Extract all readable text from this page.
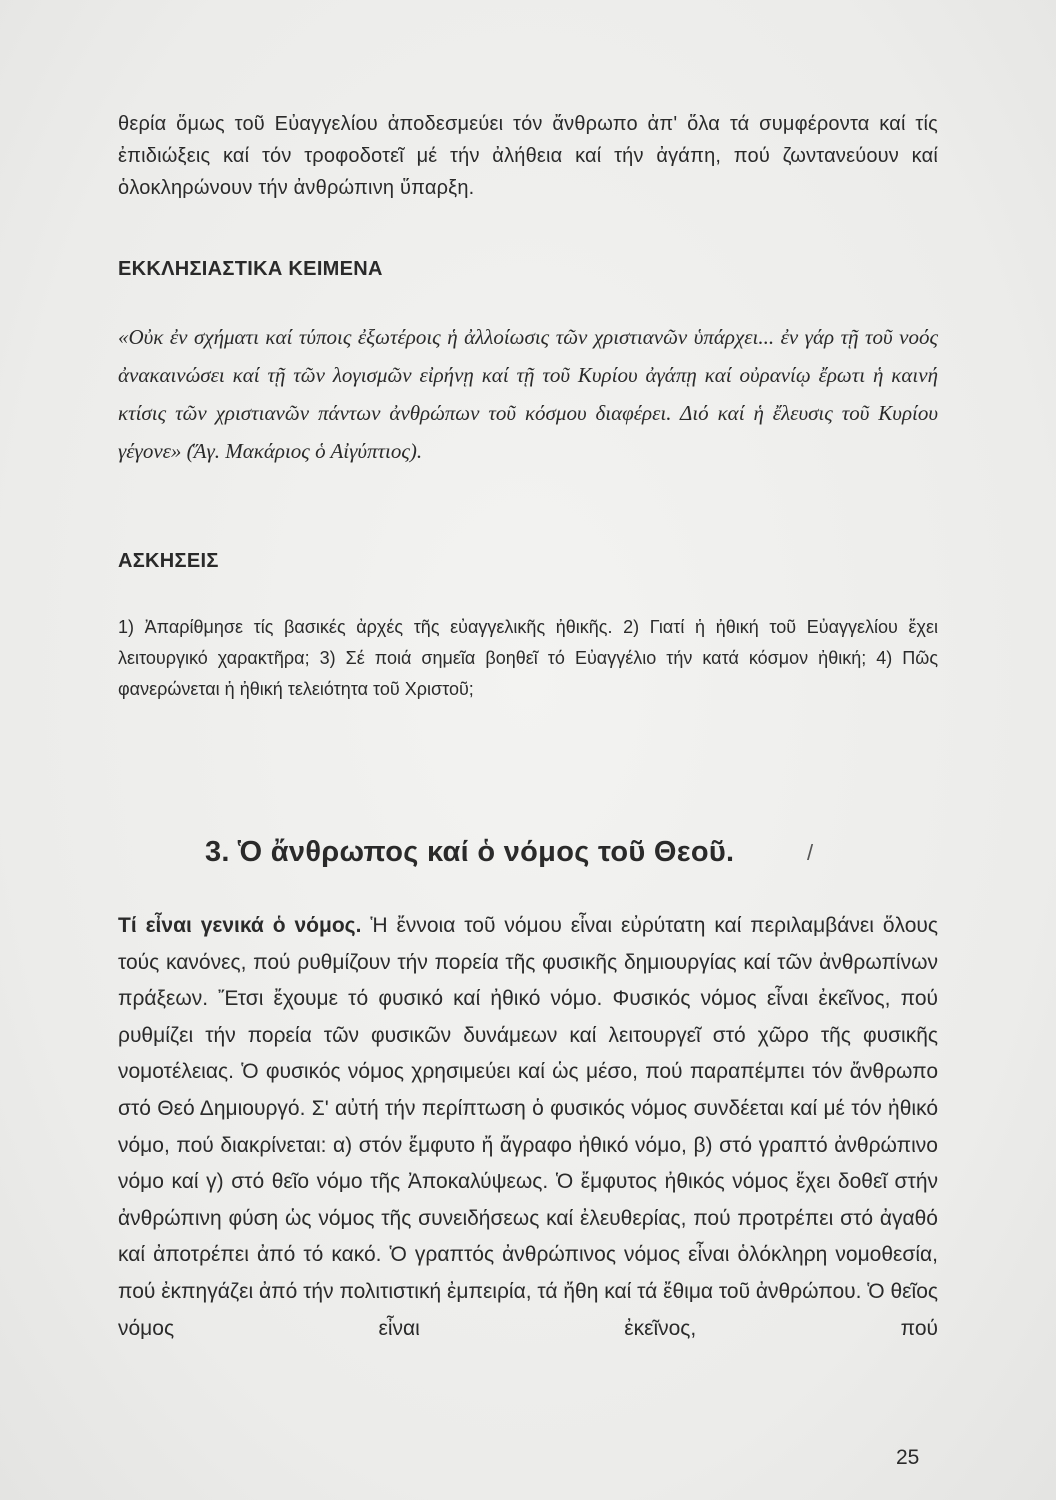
θερία ὅμως τοῦ Εὐαγγελίου ἀποδεσμεύει τόν ἄνθρωπο ἀπ' ὅλα τά συμφέροντα καί τίς ἐπιδιώξεις καί τόν τροφοδοτεῖ μέ τήν ἀλήθεια καί τήν ἀγάπη, πού ζωντανεύουν καί ὁλοκληρώνουν τήν ἀνθρώπινη ὕπαρξη.

ΕΚΚΛΗΣΙΑΣΤΙΚΑ ΚΕΙΜΕΝΑ

«Οὐκ ἐν σχήματι καί τύποις ἐξωτέροις ἡ ἀλλοίωσις τῶν χριστιανῶν ὑπάρχει... ἐν γάρ τῇ τοῦ νοός ἀνακαινώσει καί τῇ τῶν λογισμῶν εἰρήνῃ καί τῇ τοῦ Κυρίου ἀγάπῃ καί οὐρανίῳ ἔρωτι ἡ καινή κτίσις τῶν χριστιανῶν πάντων ἀνθρώπων τοῦ κόσμου διαφέρει. Διό καί ἡ ἔλευσις τοῦ Κυρίου γέγονε» (Ἅγ. Μακάριος ὁ Αἰγύπτιος).

ΑΣΚΗΣΕΙΣ

1) Ἀπαρίθμησε τίς βασικές ἀρχές τῆς εὐαγγελικῆς ἠθικῆς. 2) Γιατί ἡ ἠθική τοῦ Εὐαγγελίου ἔχει λειτουργικό χαρακτῆρα; 3) Σέ ποιά σημεῖα βοηθεῖ τό Εὐαγγέλιο τήν κατά κόσμον ἠθική; 4) Πῶς φανερώνεται ἡ ἠθική τελειότητα τοῦ Χριστοῦ;

3. Ὁ ἄνθρωπος καί ὁ νόμος τοῦ Θεοῦ.	/

Τί εἶναι γενικά ὁ νόμος. Ἡ ἔννοια τοῦ νόμου εἶναι εὐρύτατη καί περιλαμβάνει ὅλους τούς κανόνες, πού ρυθμίζουν τήν πορεία τῆς φυσικῆς δημιουργίας καί τῶν ἀνθρωπίνων πράξεων. Ἔτσι ἔχουμε τό φυσικό καί ἠθικό νόμο. Φυσικός νόμος εἶναι ἐκεῖνος, πού ρυθμίζει τήν πορεία τῶν φυσικῶν δυνάμεων καί λειτουργεῖ στό χῶρο τῆς φυσικῆς νομοτέλειας. Ὁ φυσικός νόμος χρησιμεύει καί ὡς μέσο, πού παραπέμπει τόν ἄνθρωπο στό Θεό Δημιουργό. Σ' αὐτή τήν περίπτωση ὁ φυσικός νόμος συνδέεται καί μέ τόν ἠθικό νόμο, πού διακρίνεται: α) στόν ἔμφυτο ἤ ἄγραφο ἠθικό νόμο, β) στό γραπτό ἀνθρώπινο νόμο καί γ) στό θεῖο νόμο τῆς Ἀποκαλύψεως. Ὁ ἔμφυτος ἠθικός νόμος ἔχει δοθεῖ στήν ἀνθρώπινη φύση ὡς νόμος τῆς συνειδήσεως καί ἐλευθερίας, πού προτρέπει στό ἀγαθό καί ἀποτρέπει ἀπό τό κακό. Ὁ γραπτός ἀνθρώπινος νόμος εἶναι ὁλόκληρη νομοθεσία, πού ἐκπηγάζει ἀπό τήν πολιτιστική ἐμπειρία, τά ἤθη καί τά ἔθιμα τοῦ ἀνθρώπου. Ὁ θεῖος νόμος εἶναι ἐκεῖνος, πού

25
